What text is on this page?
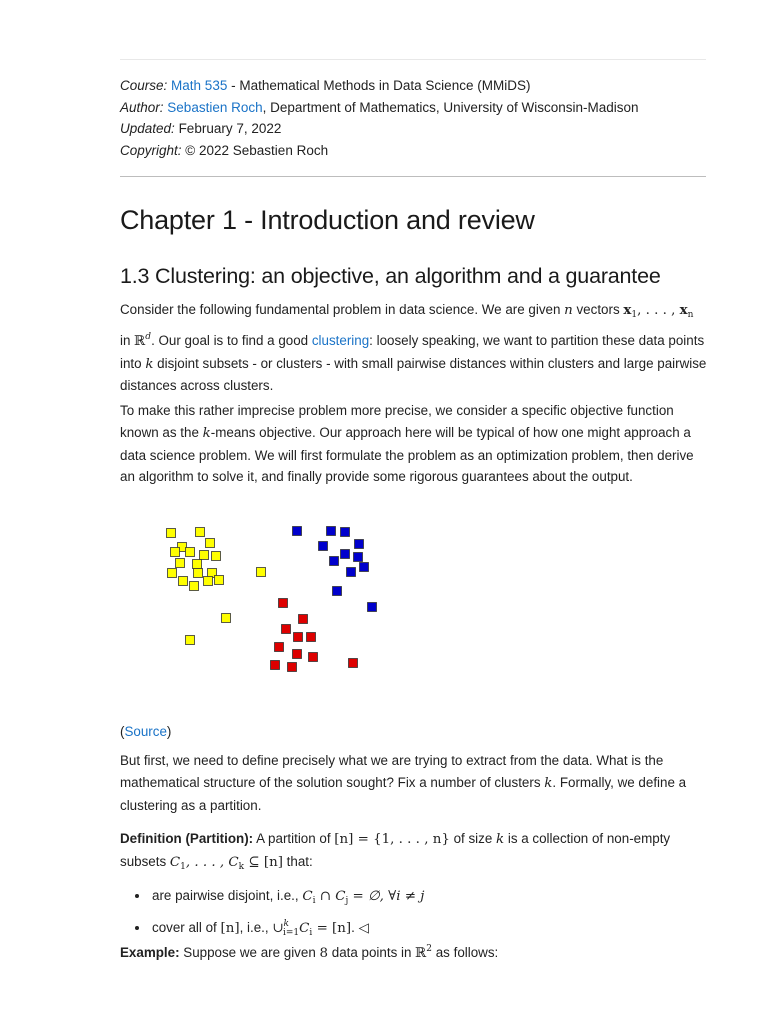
Course: Math 535 - Mathematical Methods in Data Science (MMiDS)
Author: Sebastien Roch, Department of Mathematics, University of Wisconsin-Madison
Updated: February 7, 2022
Copyright: © 2022 Sebastien Roch
Chapter 1 - Introduction and review
1.3 Clustering: an objective, an algorithm and a guarantee

Consider the following fundamental problem in data science. We are given n vectors $x_1$, . . . , $x_n$
in ℝ$^d$. Our goal is to find a good clustering: loosely speaking, we want to partition these data points into k disjoint subsets - or clusters - with small pairwise distances within clusters and large pairwise distances across clusters.

To make this rather imprecise problem more precise, we consider a specific objective function known as the k-means objective. Our approach here will be typical of how one might approach a data science problem. We will first formulate the problem as an optimization problem, then derive an algorithm to solve it, and finally provide some rigorous guarantees about the output.

(Source)

But first, we need to define precisely what we are trying to extract from the data. What is the mathematical structure of the solution sought? Fix a number of clusters k. Formally, we define a clustering as a partition.

Definition (Partition): A partition of [n] = {1, . . . , n} of size k is a collection of non-empty subsets $C_1$, . . . , $C_k$ ⊆ [n] that:

• are pairwise disjoint, i.e., $C_i$ ∩ $C_j$ = ∅, ∀i ≠ j
• cover all of [n], i.e., $\cup^k_{i=1}C_i = [n]$. ◁

Example: Suppose we are given 8 data points in ℝ$^2$ as follows:
